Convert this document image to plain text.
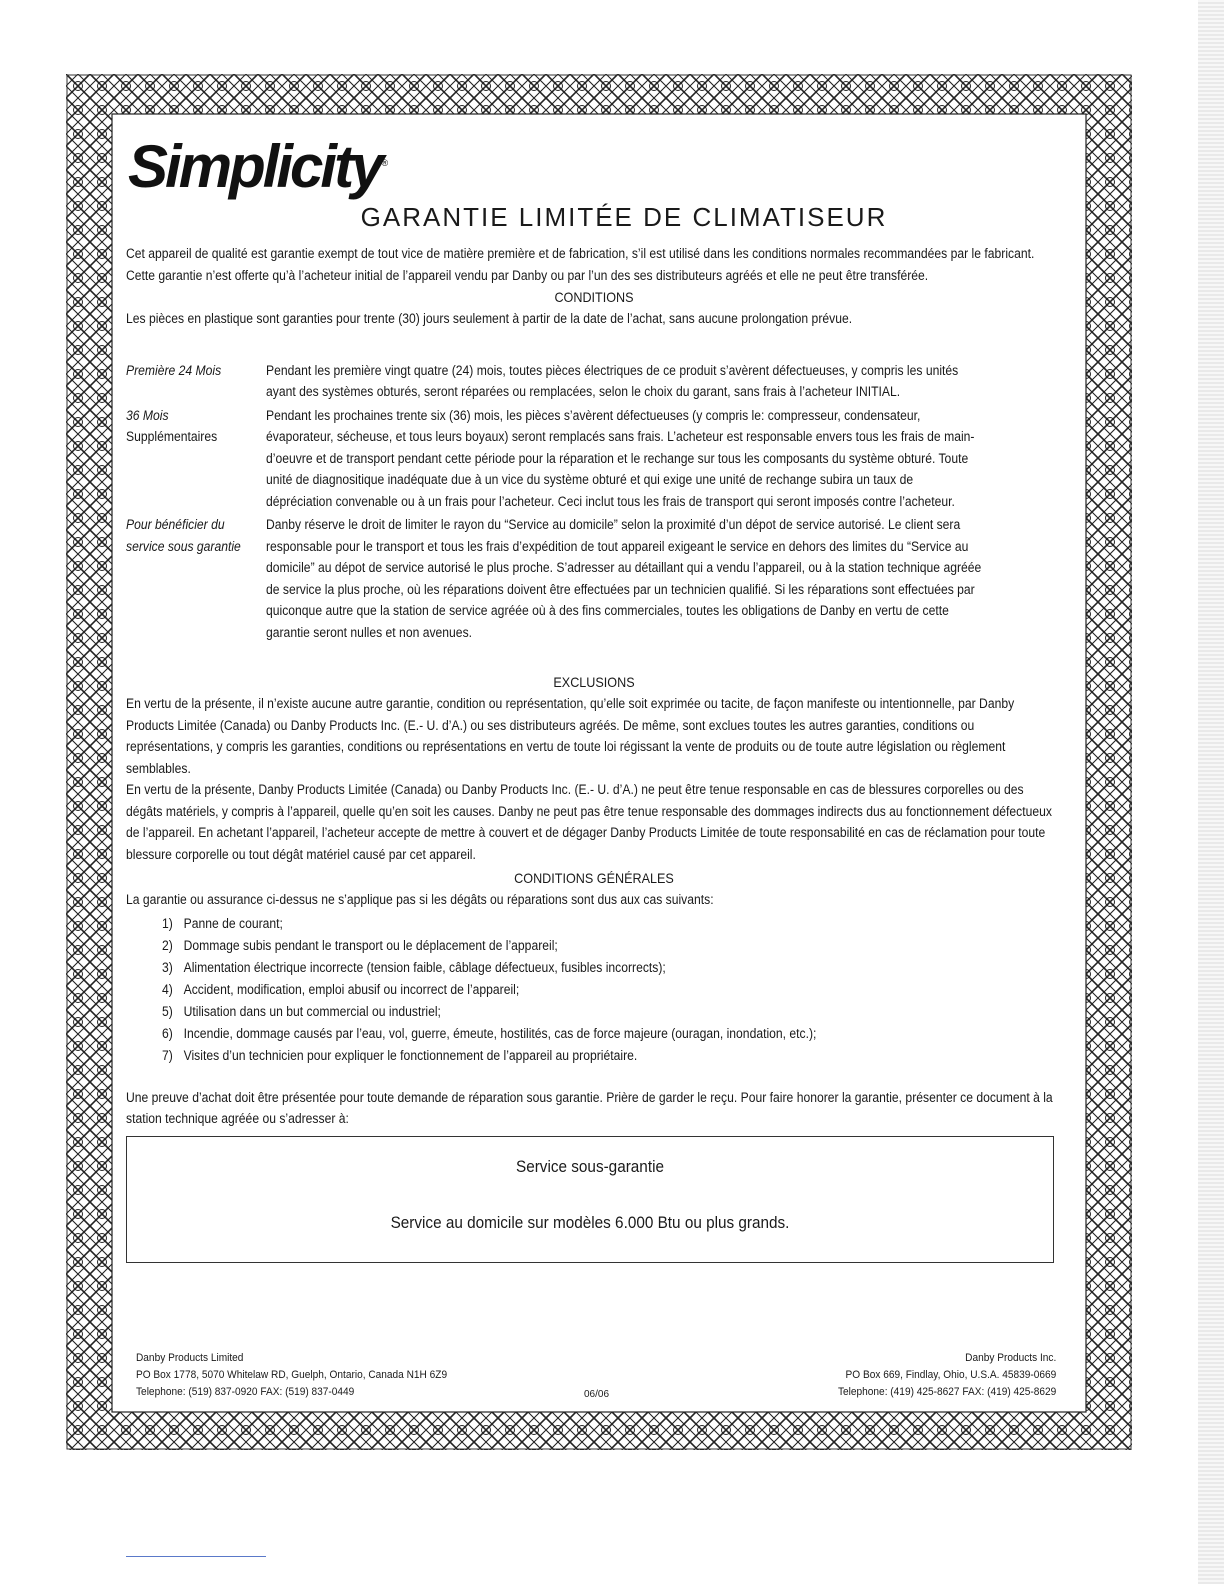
Simplicity®
GARANTIE LIMITÉE DE CLIMATISEUR

Cet appareil de qualité est garantie exempt de tout vice de matière première et de fabrication, s’il est utilisé dans les conditions normales recommandées par le fabricant.

Cette garantie n’est offerte qu’à l’acheteur initial de l’appareil vendu par Danby ou par l’un des ses distributeurs agréés et elle ne peut être transférée.

CONDITIONS

Les pièces en plastique sont garanties pour trente (30) jours seulement à partir de la date de l’achat, sans aucune prolongation prévue.

Première 24 Mois	Pendant les première vingt quatre (24) mois, toutes pièces électriques de ce produit s’avèrent défectueuses, y compris les unités ayant des systèmes obturés, seront réparées ou remplacées, selon le choix du garant, sans frais à l’acheteur INITIAL.
36 Mois
Supplémentaires
Pendant les prochaines trente six (36) mois, les pièces s’avèrent défectueuses (y compris le: compresseur, condensateur, évaporateur, sécheuse, et tous leurs boyaux) seront remplacés sans frais. L’acheteur est responsable envers tous les frais de main-d’oeuvre et de transport pendant cette période pour la réparation et le rechange sur tous les composants du système obturé. Toute unité de diagnositique inadéquate due à un vice du système obturé et qui exige une unité de rechange subira un taux de dépréciation convenable ou à un frais pour l’acheteur. Ceci inclut tous les frais de transport qui seront imposés contre l’acheteur.
Pour bénéficier du
service sous garantie
Danby réserve le droit de limiter le rayon du “Service au domicile” selon la proximité d’un dépot de service autorisé. Le client sera responsable pour le transport et tous les frais d’expédition de tout appareil exigeant le service en dehors des limites du “Service au domicile” au dépot de service autorisé le plus proche. S’adresser au détaillant qui a vendu l’appareil, ou à la station technique agréée de service la plus proche, où les réparations doivent être effectuées par un technicien qualifié. Si les réparations sont effectuées par quiconque autre que la station de service agréée où à des fins commerciales, toutes les obligations de Danby en vertu de cette garantie seront nulles et non avenues.

EXCLUSIONS

En vertu de la présente, il n’existe aucune autre garantie, condition ou représentation, qu’elle soit exprimée ou tacite, de façon manifeste ou intentionnelle, par Danby Products Limitée (Canada) ou Danby Products Inc. (E.- U. d’A.) ou ses distributeurs agréés. De même, sont exclues toutes les autres garanties, conditions ou représentations, y compris les garanties, conditions ou représentations en vertu de toute loi régissant la vente de produits ou de toute autre législation ou règlement semblables.

En vertu de la présente, Danby Products Limitée (Canada) ou Danby Products Inc. (E.- U. d’A.) ne peut être tenue responsable en cas de blessures corporelles ou des dégâts matériels, y compris à l’appareil, quelle qu’en soit les causes. Danby ne peut pas être tenue responsable des dommages indirects dus au fonctionnement défectueux de l’appareil. En achetant l’appareil, l’acheteur accepte de mettre à couvert et de dégager Danby Products Limitée de toute responsabilité en cas de réclamation pour toute blessure corporelle ou tout dégât matériel causé par cet appareil.

CONDITIONS GÉNÉRALES

La garantie ou assurance ci-dessus ne s’applique pas si les dégâts ou réparations sont dus aux cas suivants:

1) Panne de courant;
2) Dommage subis pendant le transport ou le déplacement de l’appareil;
3) Alimentation électrique incorrecte (tension faible, câblage défectueux, fusibles incorrects);
4) Accident, modification, emploi abusif ou incorrect de l’appareil;
5) Utilisation dans un but commercial ou industriel;
6) Incendie, dommage causés par l’eau, vol, guerre, émeute, hostilités, cas de force majeure (ouragan, inondation, etc.);
7) Visites d’un technicien pour expliquer le fonctionnement de l’appareil au propriétaire.

Une preuve d’achat doit être présentée pour toute demande de réparation sous garantie. Prière de garder le reçu. Pour faire honorer la garantie, présenter ce document à la station technique agréée ou s’adresser à:

Service sous-garantie
Service au domicile sur modèles 6.000 Btu ou plus grands.
Danby Products Limited
PO Box 1778, 5070 Whitelaw RD, Guelph, Ontario, Canada N1H 6Z9
Telephone: (519) 837-0920 FAX: (519) 837-0449	06/06
Danby Products Inc.
PO Box 669, Findlay, Ohio, U.S.A. 45839-0669
Telephone: (419) 425-8627 FAX: (419) 425-8629
